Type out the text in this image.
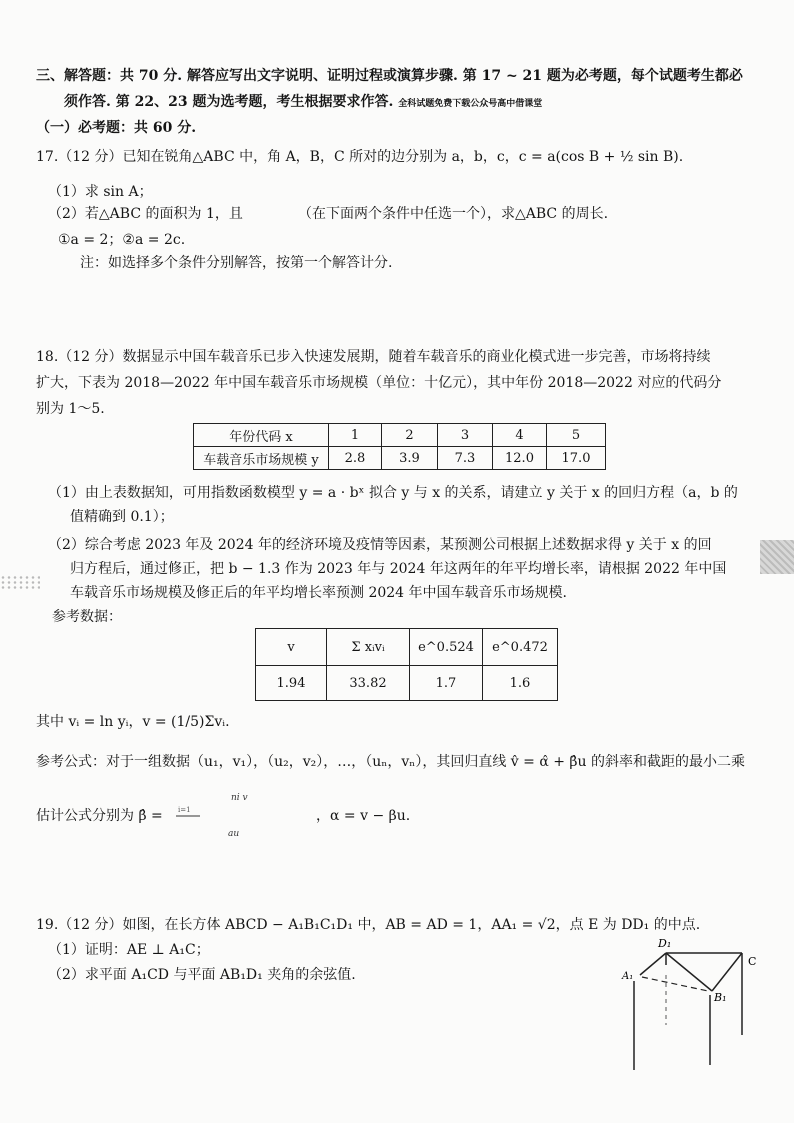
三、解答题：共 70 分. 解答应写出文字说明、证明过程或演算步骤. 第 17 ~ 21 题为必考题，每个试题考生都必
须作答. 第 22、23 题为选考题，考生根据要求作答. 全科试题免费下载公众号高中借课堂
（一）必考题：共 60 分.
17.（12 分）已知在锐角△ABC 中，角 A，B，C 所对的边分别为 a，b，c，c = a(cos B + ½ sin B).
（1）求 sin A；
（2）若△ABC 的面积为 1，且	（在下面两个条件中任选一个），求△ABC 的周长.
①a = 2；②a = 2c.
注：如选择多个条件分别解答，按第一个解答计分.
18.（12 分）数据显示中国车载音乐已步入快速发展期，随着车载音乐的商业化模式进一步完善，市场将持续
扩大，下表为 2018—2022 年中国车载音乐市场规模（单位：十亿元），其中年份 2018—2022 对应的代码分
别为 1～5.
年份代码 x	1	2	3	4	5
车载音乐市场规模 y	2.8	3.9	7.3	12.0	17.0
（1）由上表数据知，可用指数函数模型 y = a · bˣ 拟合 y 与 x 的关系，请建立 y 关于 x 的回归方程（a，b 的
值精确到 0.1）；
（2）综合考虑 2023 年及 2024 年的经济环境及疫情等因素，某预测公司根据上述数据求得 y 关于 x 的回
归方程后，通过修正，把 b − 1.3 作为 2023 年与 2024 年这两年的年平均增长率，请根据 2022 年中国
车载音乐市场规模及修正后的年平均增长率预测 2024 年中国车载音乐市场规模.
参考数据：
v	Σ xᵢvᵢ	e^0.524	e^0.472
1.94	33.82	1.7	1.6
其中 vᵢ = ln yᵢ，v = (1/5)Σvᵢ.
参考公式：对于一组数据（u₁，v₁），（u₂，v₂），…，（uₙ，vₙ），其回归直线 v̂ = α̂ + β̂u 的斜率和截距的最小二乘
估计公式分别为 β̂ = i=1
ni v
au
，α = v − βu.
19.（12 分）如图，在长方体 ABCD − A₁B₁C₁D₁ 中，AB = AD = 1，AA₁ = √2，点 E 为 DD₁ 的中点.
（1）证明：AE ⊥ A₁C；
（2）求平面 A₁CD 与平面 AB₁D₁ 夹角的余弦值.
D₁
A₁
B₁
C
